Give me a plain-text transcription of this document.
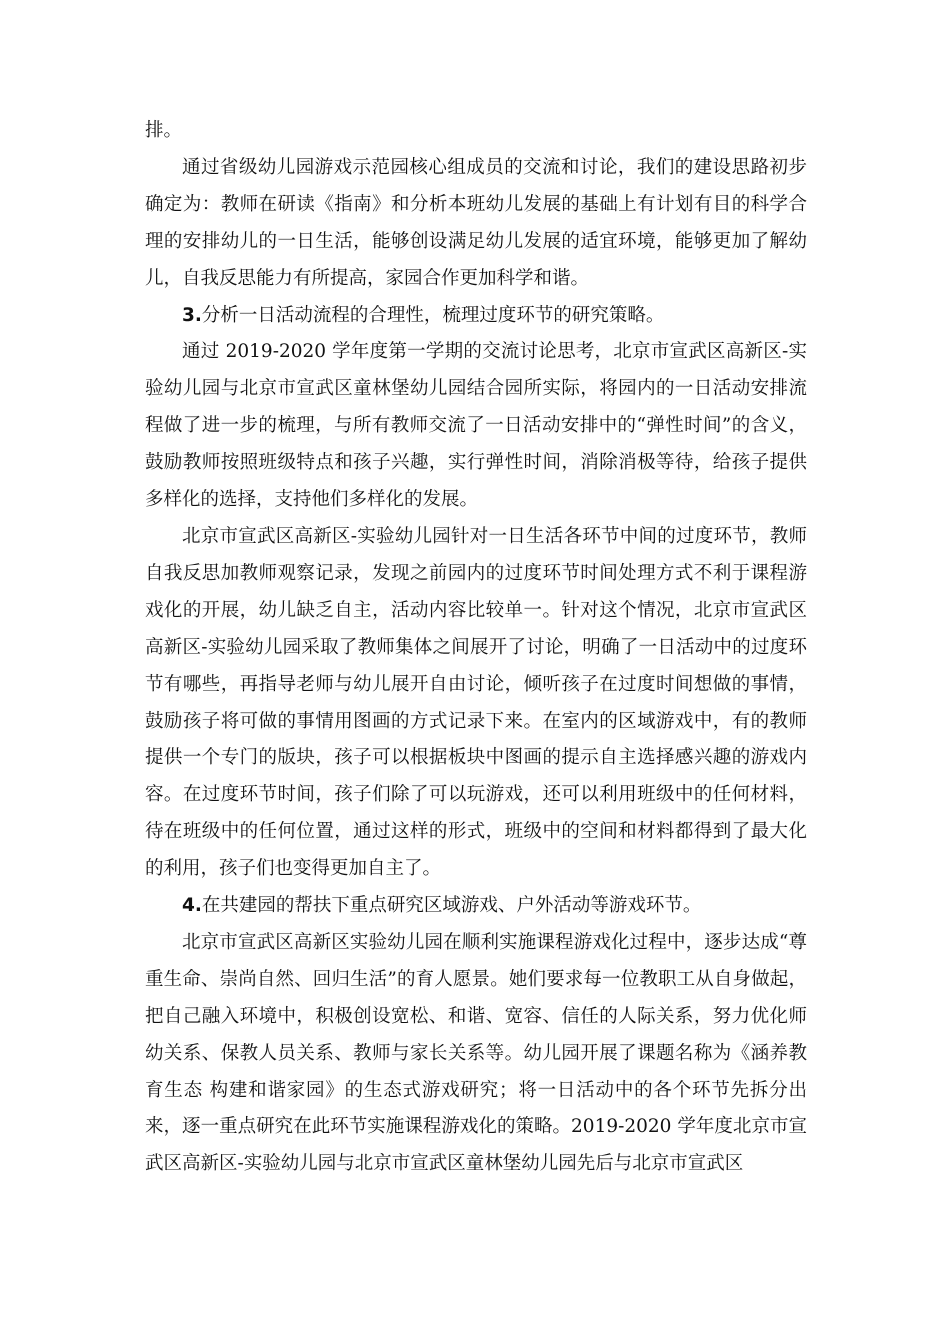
排。

通过省级幼儿园游戏示范园核心组成员的交流和讨论，我们的建设思路初步确定为：教师在研读《指南》和分析本班幼儿发展的基础上有计划有目的科学合理的安排幼儿的一日生活，能够创设满足幼儿发展的适宜环境，能够更加了解幼儿，自我反思能力有所提高，家园合作更加科学和谐。

3.分析一日活动流程的合理性，梳理过度环节的研究策略。

通过 2019-2020 学年度第一学期的交流讨论思考，北京市宣武区高新区-实验幼儿园与北京市宣武区童林堡幼儿园结合园所实际，将园内的一日活动安排流程做了进一步的梳理，与所有教师交流了一日活动安排中的“弹性时间”的含义，鼓励教师按照班级特点和孩子兴趣，实行弹性时间，消除消极等待，给孩子提供多样化的选择，支持他们多样化的发展。

北京市宣武区高新区-实验幼儿园针对一日生活各环节中间的过度环节，教师自我反思加教师观察记录，发现之前园内的过度环节时间处理方式不利于课程游戏化的开展，幼儿缺乏自主，活动内容比较单一。针对这个情况，北京市宣武区高新区-实验幼儿园采取了教师集体之间展开了讨论，明确了一日活动中的过度环节有哪些，再指导老师与幼儿展开自由讨论，倾听孩子在过度时间想做的事情，鼓励孩子将可做的事情用图画的方式记录下来。在室内的区域游戏中，有的教师提供一个专门的版块，孩子可以根据板块中图画的提示自主选择感兴趣的游戏内容。在过度环节时间，孩子们除了可以玩游戏，还可以利用班级中的任何材料，待在班级中的任何位置，通过这样的形式，班级中的空间和材料都得到了最大化的利用，孩子们也变得更加自主了。

4.在共建园的帮扶下重点研究区域游戏、户外活动等游戏环节。

北京市宣武区高新区实验幼儿园在顺利实施课程游戏化过程中，逐步达成“尊重生命、崇尚自然、回归生活”的育人愿景。她们要求每一位教职工从自身做起，把自己融入环境中，积极创设宽松、和谐、宽容、信任的人际关系，努力优化师幼关系、保教人员关系、教师与家长关系等。幼儿园开展了课题名称为《涵养教育生态 构建和谐家园》的生态式游戏研究；将一日活动中的各个环节先拆分出来，逐一重点研究在此环节实施课程游戏化的策略。2019-2020 学年度北京市宣武区高新区-实验幼儿园与北京市宣武区童林堡幼儿园先后与北京市宣武区
